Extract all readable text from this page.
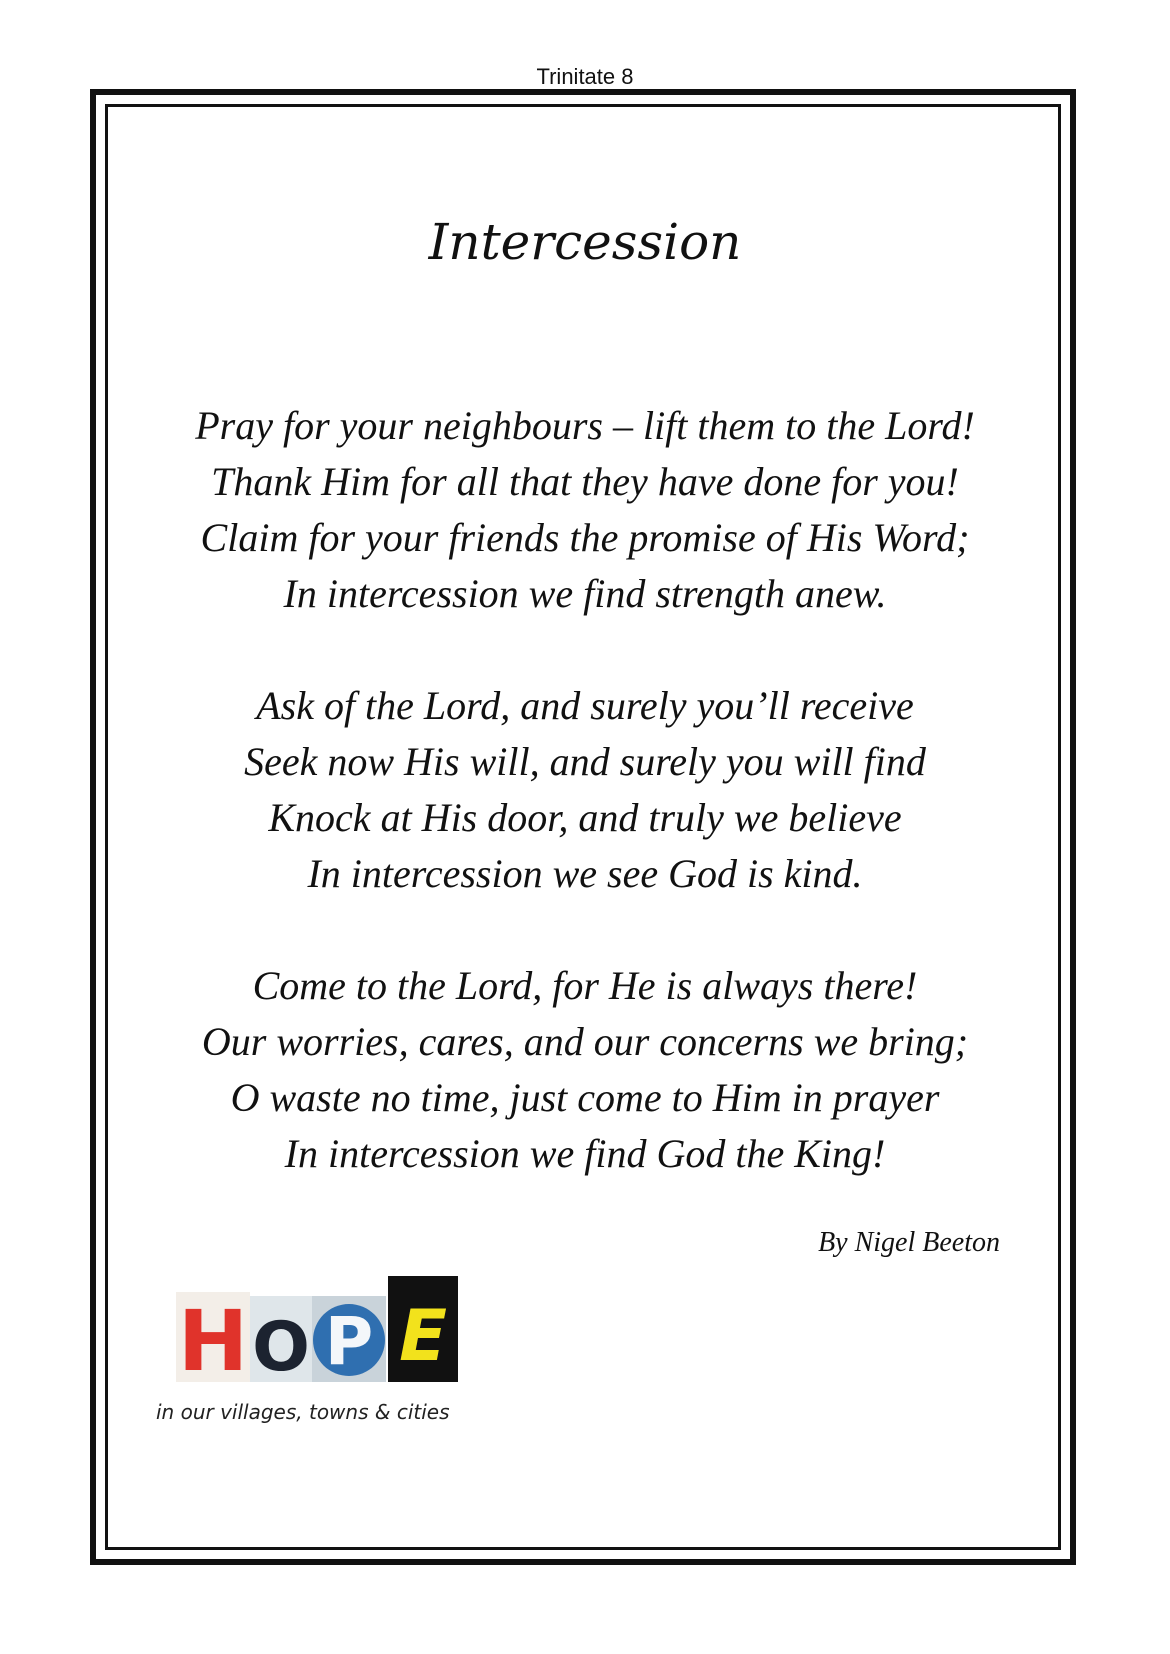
Trinitate 8
Intercession
Pray for your neighbours – lift them to the Lord!
Thank Him for all that they have done for you!
Claim for your friends the promise of His Word;
In intercession we find strength anew.
Ask of the Lord, and surely you’ll receive
Seek now His will, and surely you will find
Knock at His door, and truly we believe
In intercession we see God is kind.
Come to the Lord, for He is always there!
Our worries, cares, and our concerns we bring;
O waste no time, just come to Him in prayer
In intercession we find God the King!
By Nigel Beeton
H O P E
in our villages, towns & cities
